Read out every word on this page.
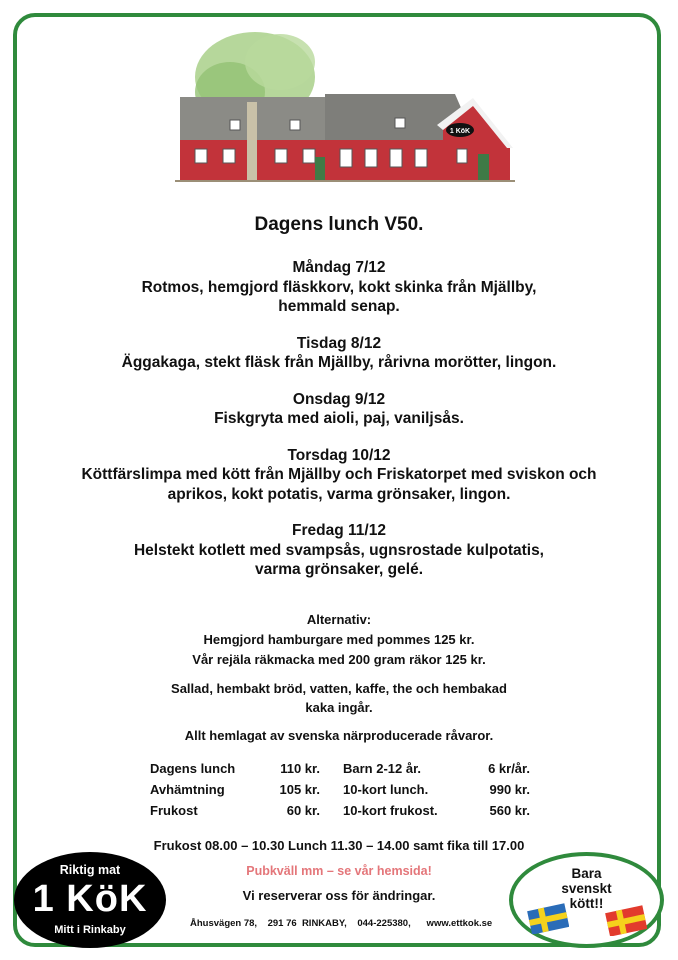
1 KöK
Dagens lunch V50.
Måndag 7/12
Rotmos, hemgjord fläskkorv, kokt skinka från Mjällby,
hemmald senap.
Tisdag 8/12
Äggakaga, stekt fläsk från Mjällby, rårivna morötter, lingon.
Onsdag 9/12
Fiskgryta med aioli, paj, vaniljsås.
Torsdag 10/12
Köttfärslimpa med kött från Mjällby och Friskatorpet med sviskon och
aprikos, kokt potatis, varma grönsaker, lingon.
Fredag 11/12
Helstekt kotlett med svampsås, ugnsrostade kulpotatis,
varma grönsaker, gelé.

Alternativ:

Hemgjord hamburgare med pommes 125 kr.

Vår rejäla räkmacka med 200 gram räkor 125 kr.

Sallad, hembakt bröd, vatten, kaffe, the och hembakad
kaka ingår.
Allt hemlagat av svenska närproducerade råvaror.
Dagens lunch	110 kr. Barn 2-12 år.	6 kr/år.
Avhämtning	105 kr. 10-kort lunch.	990 kr.
Frukost	60 kr. 10-kort frukost.	560 kr.
Frukost 08.00 – 10.30 Lunch 11.30 – 14.00 samt fika till 17.00
Pubkväll mm – se vår hemsida!
Vi reserverar oss för ändringar.
Åhusvägen 78,    291 76  RINKABY,    044-225380,      www.ettkok.se
Riktig mat
1 KöK
Mitt i Rinkaby
Bara
svenskt
kött!!
